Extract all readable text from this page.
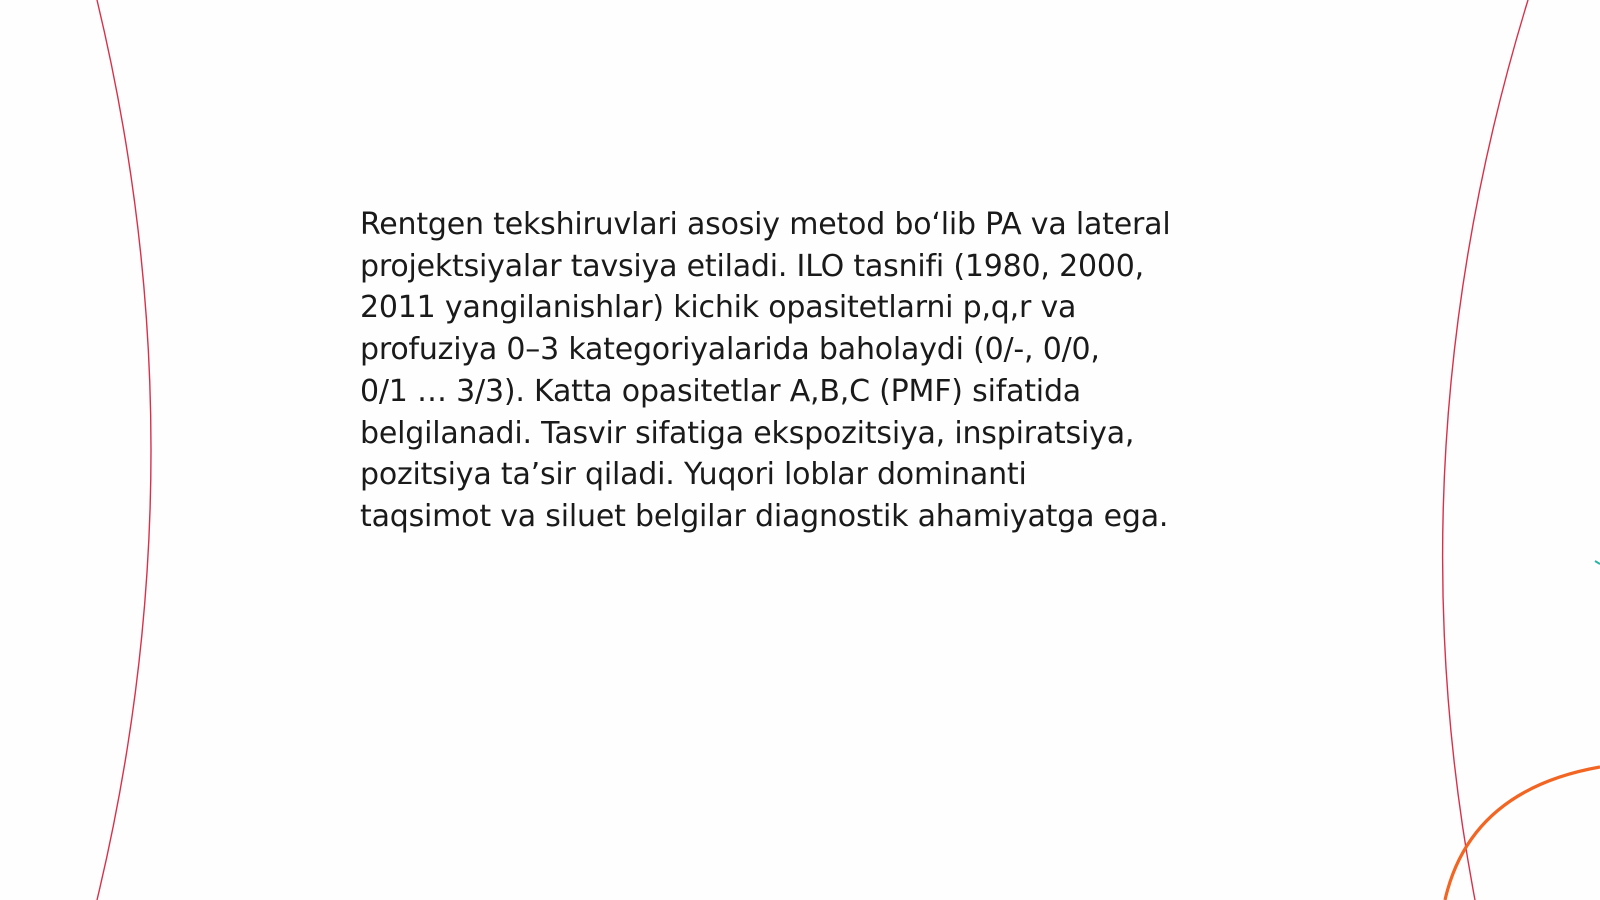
Rentgen tekshiruvlari asosiy metod bo‘lib PA va lateral
projektsiyalar tavsiya etiladi. ILO tasnifi (1980, 2000,
2011 yangilanishlar) kichik opasitetlarni p,q,r va
profuziya 0–3 kategoriyalarida baholaydi (0/-, 0/0,
0/1 … 3/3). Katta opasitetlar A,B,C (PMF) sifatida
belgilanadi. Tasvir sifatiga ekspozitsiya, inspiratsiya,
pozitsiya ta’sir qiladi. Yuqori loblar dominanti
taqsimot va siluet belgilar diagnostik ahamiyatga ega.
